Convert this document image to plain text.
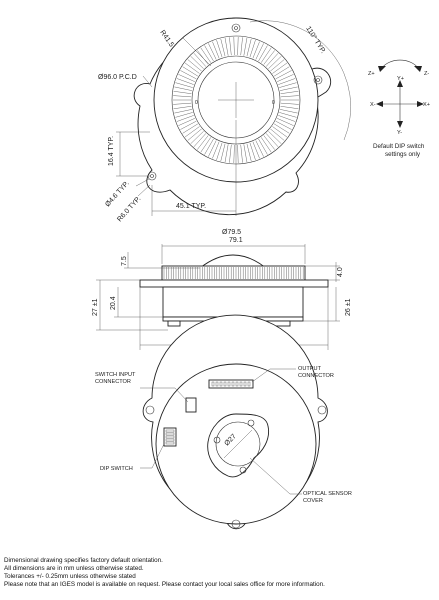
0	0
110° TYP.
R41.5
Ø96.0 P.C.D
16.4 TYP.
Ø4.6 TYP.
R6.0 TYP.	45.1 TYP.
Z+	Z-
Y+
Y-
X-	X+
Default DIP switch
settings only
Ø79.5
79.1
7.5
4.0
27 ±1 20.4	26 ±1
Ø27
SWITCH INPUT
CONNECTOR
OUTPUT
CONNECTOR
DIP SWITCH
OPTICAL SENSOR
COVER
Dimensional drawing specifies factory default orientation.
All dimensions are in mm unless otherwise stated.
Tolerances +/- 0.25mm unless otherwise stated
Please note that an IGES model is available on request. Please contact your local sales office for more information.
